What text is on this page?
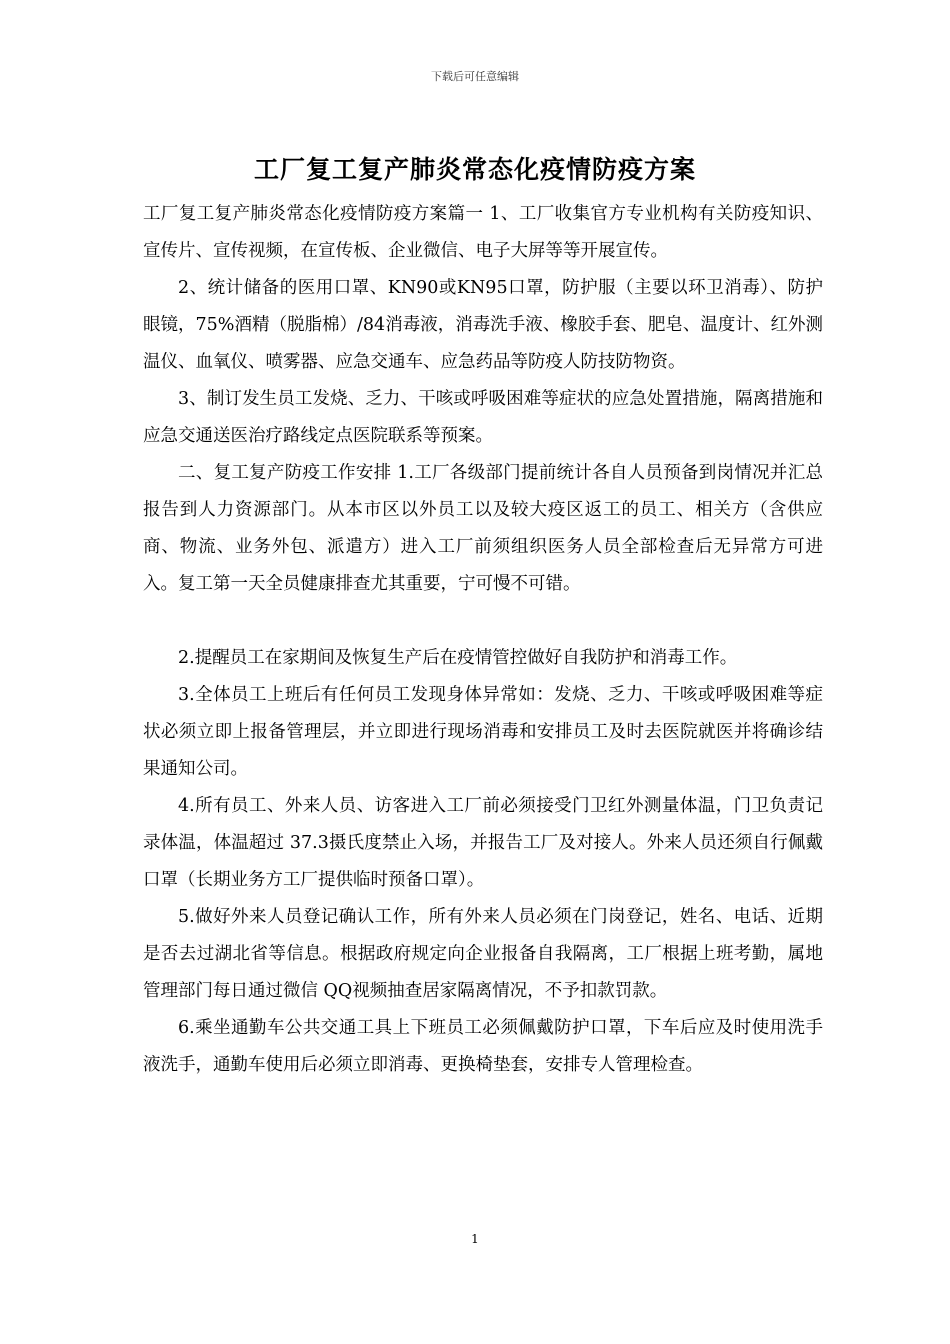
下载后可任意编辑
工厂复工复产肺炎常态化疫情防疫方案

工厂复工复产肺炎常态化疫情防疫方案篇一 1、工厂收集官方专业机构有关防疫知识、宣传片、宣传视频，在宣传板、企业微信、电子大屏等等开展宣传。

2、统计储备的医用口罩、KN90或KN95口罩，防护服（主要以环卫消毒）、防护眼镜，75%酒精（脱脂棉）/84消毒液，消毒洗手液、橡胶手套、肥皂、温度计、红外测温仪、血氧仪、喷雾器、应急交通车、应急药品等防疫人防技防物资。

3、制订发生员工发烧、乏力、干咳或呼吸困难等症状的应急处置措施，隔离措施和应急交通送医治疗路线定点医院联系等预案。

二、复工复产防疫工作安排 1.工厂各级部门提前统计各自人员预备到岗情况并汇总报告到人力资源部门。从本市区以外员工以及较大疫区返工的员工、相关方（含供应商、物流、业务外包、派遣方）进入工厂前须组织医务人员全部检查后无异常方可进入。复工第一天全员健康排查尤其重要，宁可慢不可错。

2.提醒员工在家期间及恢复生产后在疫情管控做好自我防护和消毒工作。

3.全体员工上班后有任何员工发现身体异常如：发烧、乏力、干咳或呼吸困难等症状必须立即上报备管理层，并立即进行现场消毒和安排员工及时去医院就医并将确诊结果通知公司。

4.所有员工、外来人员、访客进入工厂前必须接受门卫红外测量体温，门卫负责记录体温，体温超过 37.3摄氏度禁止入场，并报告工厂及对接人。外来人员还须自行佩戴口罩（长期业务方工厂提供临时预备口罩）。

5.做好外来人员登记确认工作，所有外来人员必须在门岗登记，姓名、电话、近期是否去过湖北省等信息。根据政府规定向企业报备自我隔离，工厂根据上班考勤，属地管理部门每日通过微信 QQ视频抽查居家隔离情况，不予扣款罚款。

6.乘坐通勤车公共交通工具上下班员工必须佩戴防护口罩，下车后应及时使用洗手液洗手，通勤车使用后必须立即消毒、更换椅垫套，安排专人管理检查。

1
